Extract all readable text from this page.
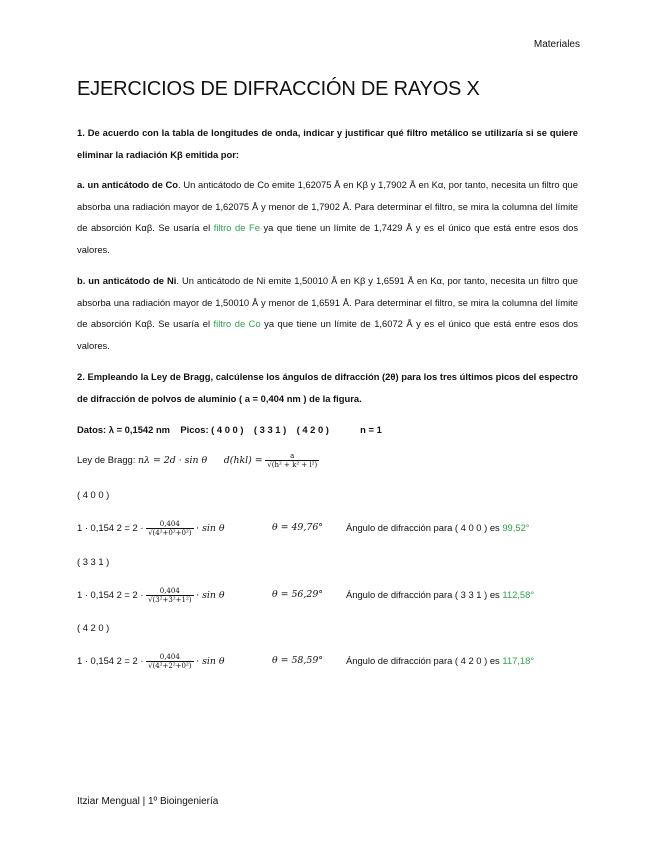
Materiales
EJERCICIOS DE DIFRACCIÓN DE RAYOS X
1. De acuerdo con la tabla de longitudes de onda, indicar y justificar qué filtro metálico se utilizaría si se quiere eliminar la radiación Kβ emitida por:
a. un anticátodo de Co. Un anticátodo de Co emite 1,62075 Å en Kβ y 1,7902 Å en Kα, por tanto, necesita un filtro que absorba una radiación mayor de 1,62075 Å y menor de 1,7902 Å. Para determinar el filtro, se mira la columna del límite de absorción Kαβ. Se usaría el filtro de Fe ya que tiene un límite de 1,7429 Å y es el único que está entre esos dos valores.
b. un anticátodo de Ni. Un anticátodo de Ni emite 1,50010 Å en Kβ y 1,6591 Å en Kα, por tanto, necesita un filtro que absorba una radiación mayor de 1,50010 Å y menor de 1,6591 Å. Para determinar el filtro, se mira la columna del límite de absorción Kαβ. Se usaría el filtro de Co ya que tiene un límite de 1,6072 Å y es el único que está entre esos dos valores.
2. Empleando la Ley de Bragg, calcúlense los ángulos de difracción (2θ) para los tres últimos picos del espectro de difracción de polvos de aluminio ( a = 0,404 nm ) de la figura.
Datos: λ = 0,1542 nm    Picos: ( 4 0 0 )    ( 3 3 1 )    ( 4 2 0 )            n = 1
Ley de Bragg: nλ = 2d · sin θ $d(hkl) = \frac{a}{\text{√(h² + k² + l²)}}$
( 4 0 0 )
1 · 0,154 $2 = 2 \cdot \frac{0,404}{\text{√(4²+0²+0²)}} \cdot \sin \theta$	θ = 49,76° Ángulo de difracción para ( 4 0 0 ) es 99,52°
( 3 3 1 )
1 · 0,154 $2 = 2 \cdot \frac{0,404}{\text{√(3²+3²+1²)}} \cdot \sin \theta$	θ = 56,29° Ángulo de difracción para ( 3 3 1 ) es 112,58°
( 4 2 0 )
1 · 0,154 $2 = 2 \cdot \frac{0,404}{\text{√(4²+2²+0²)}} \cdot \sin \theta$	θ = 58,59° Ángulo de difracción para ( 4 2 0 ) es 117,18°
Itziar Mengual | 1º Bioingeniería
